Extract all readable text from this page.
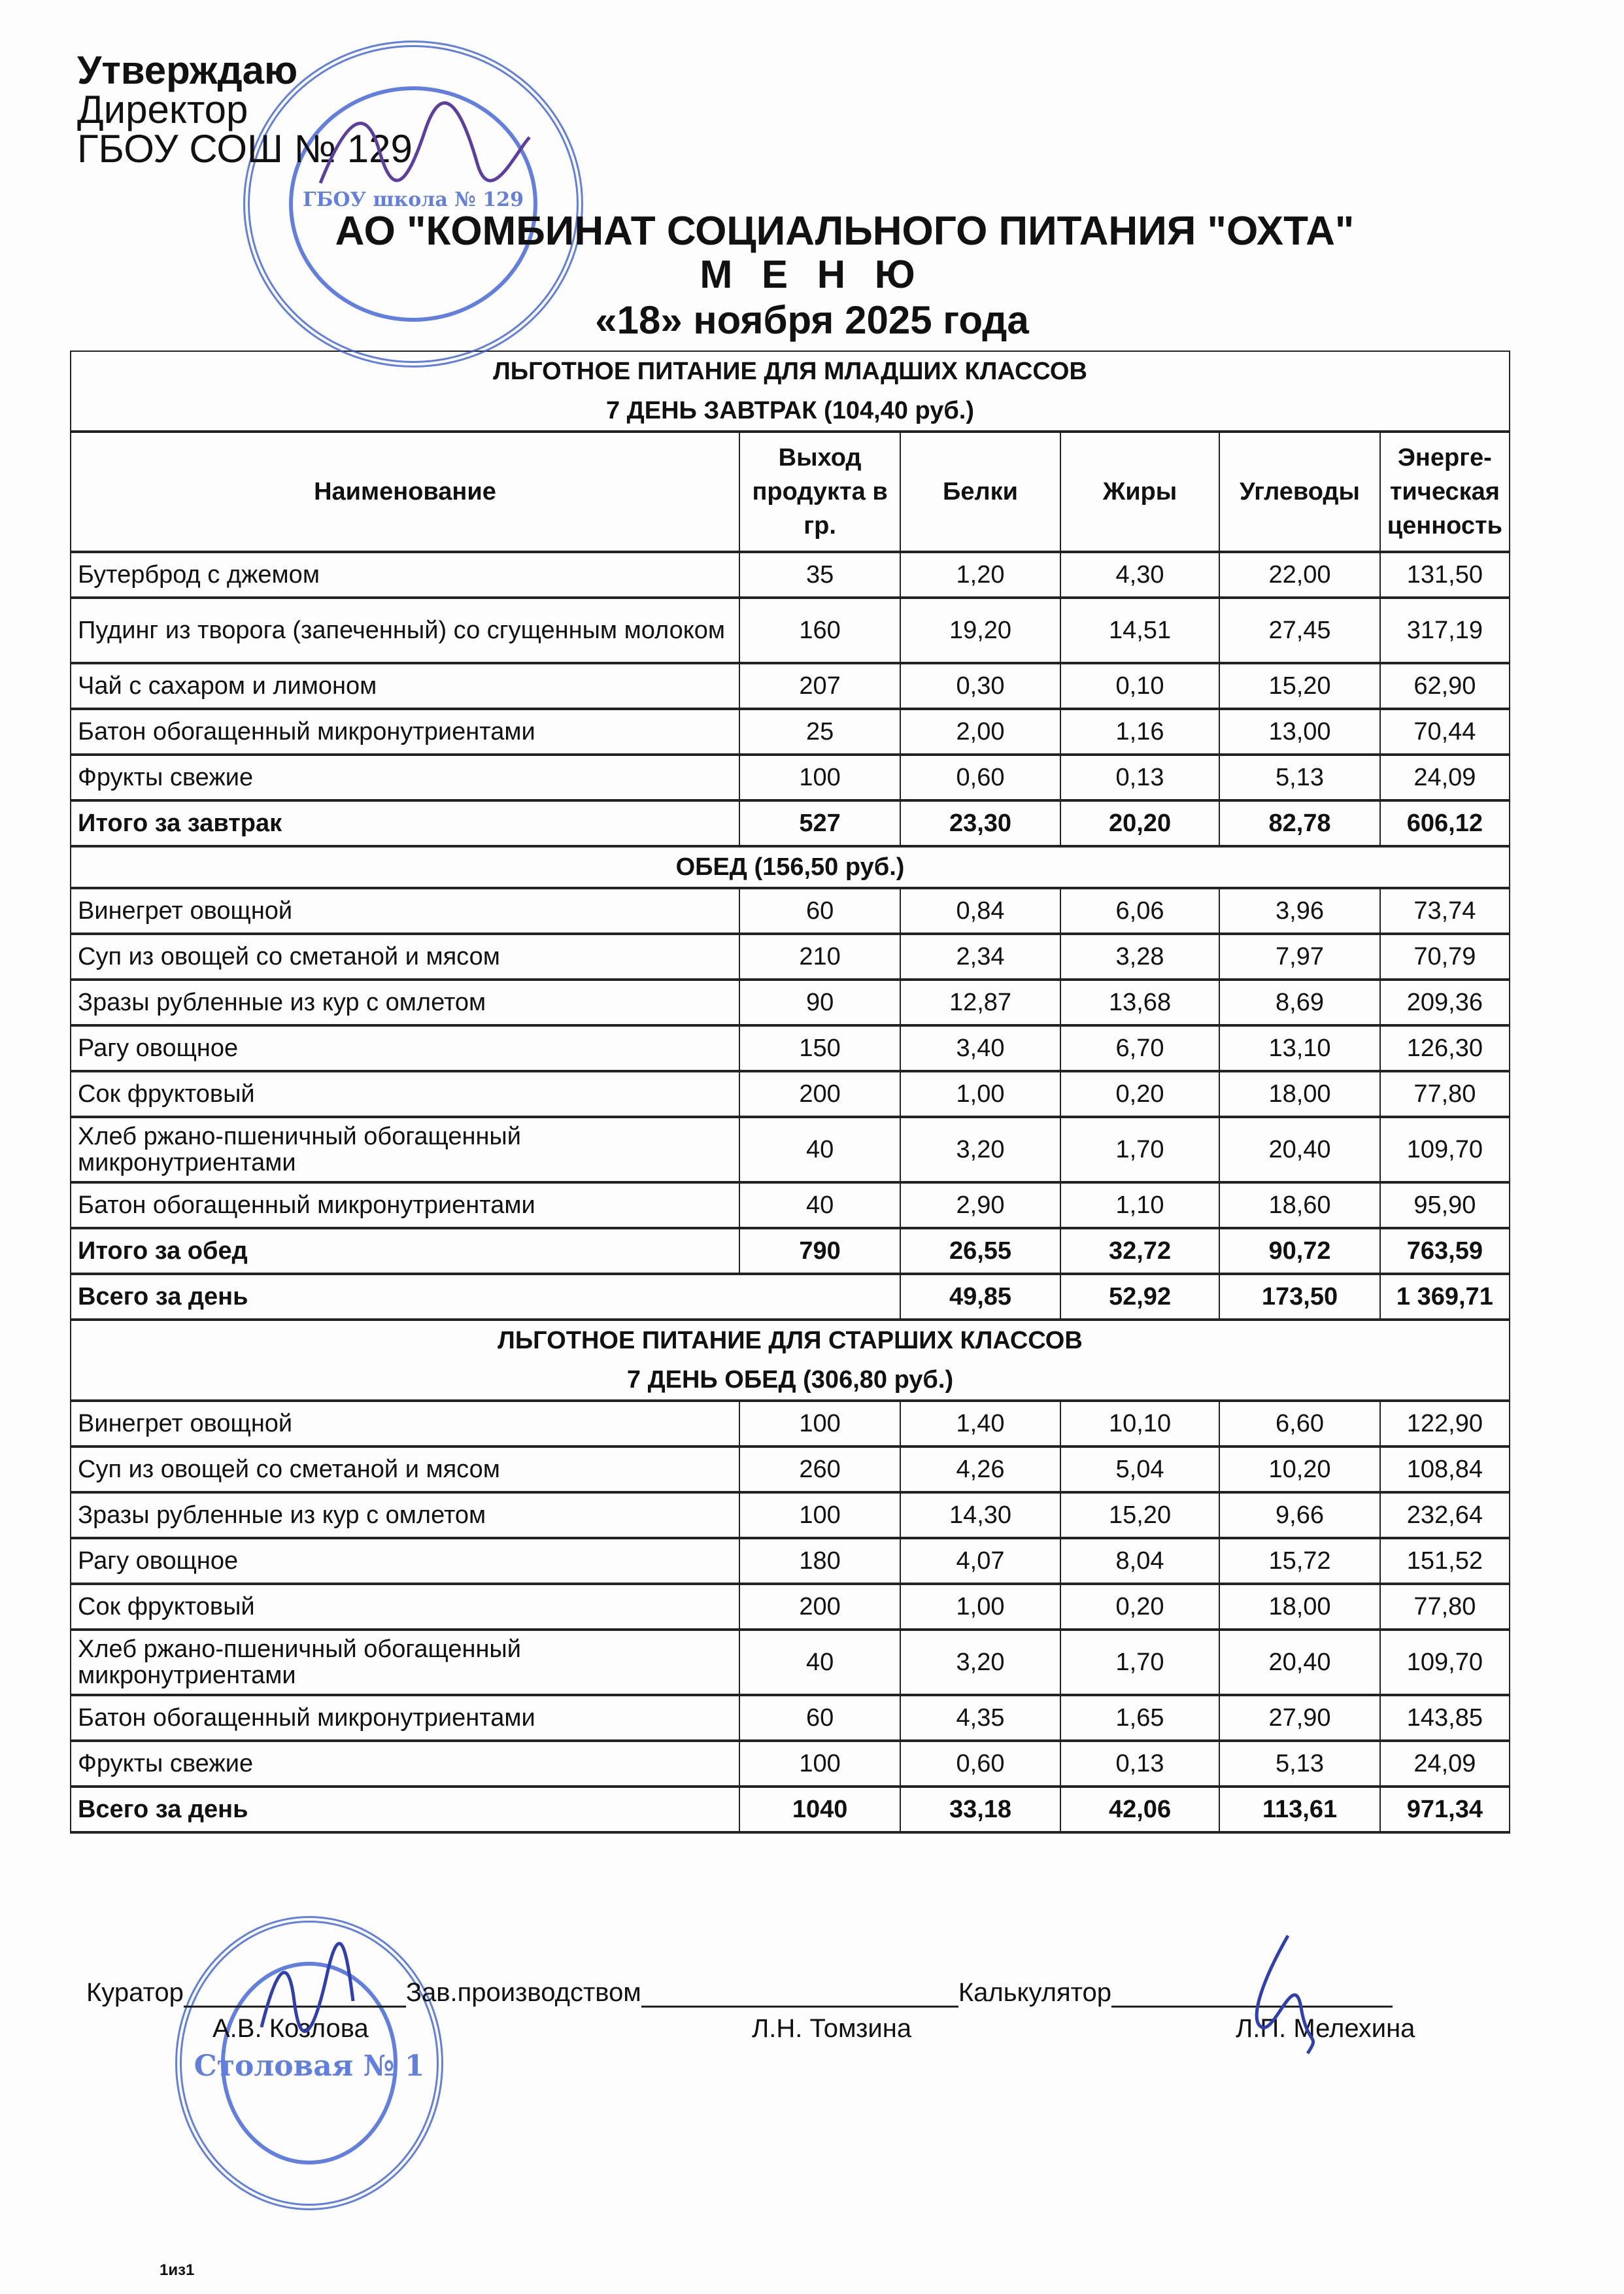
Утверждаю
Директор
ГБОУ СОШ № 129
ГБОУ школа № 129
АО "КОМБИНАТ СОЦИАЛЬНОГО ПИТАНИЯ "ОХТА"
М Е Н Ю
«18» ноября 2025 года
ЛЬГОТНОЕ ПИТАНИЕ ДЛЯ МЛАДШИХ КЛАССОВ
7 ДЕНЬ ЗАВТРАК (104,40 руб.)					

Наименование	Выход продукта в гр.	Белки	Жиры	Углеводы	Энерге-тическая ценность
Бутерброд с джемом	35	1,20	4,30	22,00	131,50
Пудинг из творога (запеченный) со сгущенным молоком	160	19,20	14,51	27,45	317,19
Чай с сахаром и лимоном	207	0,30	0,10	15,20	62,90
Батон обогащенный микронутриентами	25	2,00	1,16	13,00	70,44
Фрукты свежие	100	0,60	0,13	5,13	24,09
Итого за завтрак	527	23,30	20,20	82,78	606,12

ОБЕД (156,50 руб.)					

Винегрет овощной	60	0,84	6,06	3,96	73,74
Суп из овощей со сметаной и мясом	210	2,34	3,28	7,97	70,79
Зразы рубленные из кур с омлетом	90	12,87	13,68	8,69	209,36
Рагу овощное	150	3,40	6,70	13,10	126,30
Сок фруктовый	200	1,00	0,20	18,00	77,80
Хлеб ржано-пшеничный обогащенный микронутриентами	40	3,20	1,70	20,40	109,70
Батон обогащенный микронутриентами	40	2,90	1,10	18,60	95,90
Итого за обед	790	26,55	32,72	90,72	763,59
Всего за день		49,85	52,92	173,50	1 369,71

ЛЬГОТНОЕ ПИТАНИЕ ДЛЯ СТАРШИХ КЛАССОВ
7 ДЕНЬ ОБЕД (306,80 руб.)					

Винегрет овощной	100	1,40	10,10	6,60	122,90
Суп из овощей со сметаной и мясом	260	4,26	5,04	10,20	108,84
Зразы рубленные из кур с омлетом	100	14,30	15,20	9,66	232,64
Рагу овощное	180	4,07	8,04	15,72	151,52
Сок фруктовый	200	1,00	0,20	18,00	77,80
Хлеб ржано-пшеничный обогащенный микронутриентами	40	3,20	1,70	20,40	109,70
Батон обогащенный микронутриентами	60	4,35	1,65	27,90	143,85
Фрукты свежие	100	0,60	0,13	5,13	24,09
Всего за день	1040	33,18	42,06	113,61	971,34
Столовая № 1
Куратор	Зав.производством	Калькулятор
А.В. Козлова	Л.Н. Томзина	Л.П. Мелехина
1из1
